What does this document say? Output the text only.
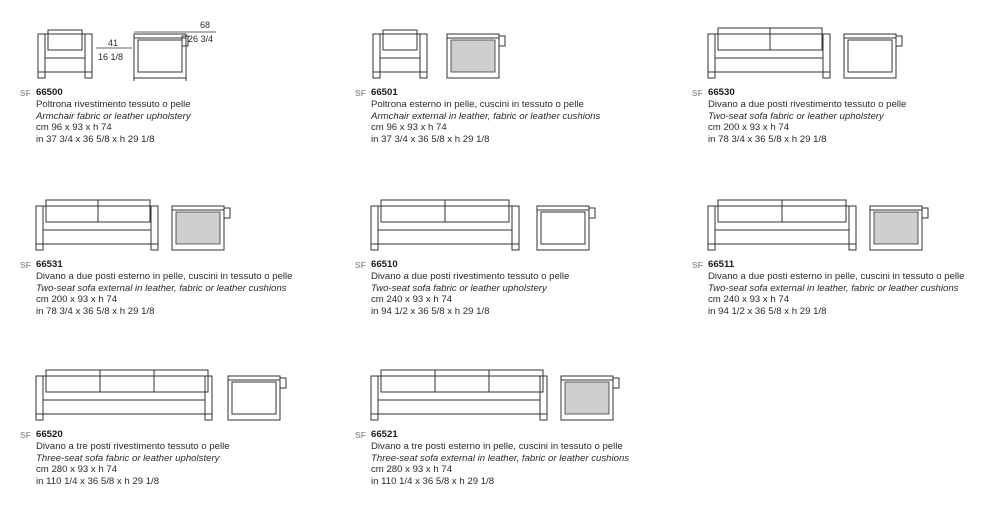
68
26 3/4
41
16 1/8
SF 66500
Poltrona rivestimento tessuto o pelle
Armchair fabric or leather upholstery
cm 96 x 93 x h 74
in 37 3/4 x 36 5/8 x h 29 1/8
SF 66501
Poltrona esterno in pelle, cuscini in tessuto o pelle
Armchair external in leather, fabric or leather cushions
cm 96 x 93 x h 74
in 37 3/4 x 36 5/8 x h 29 1/8
SF 66530
Divano a due posti rivestimento tessuto o pelle
Two-seat sofa fabric or leather upholstery
cm 200 x 93 x h 74
in 78 3/4 x 36 5/8 x h 29 1/8
SF 66531
Divano a due posti esterno in pelle, cuscini in tessuto o pelle
Two-seat sofa external in leather, fabric or leather cushions
cm 200 x 93 x h 74
in 78 3/4 x 36 5/8 x h 29 1/8
SF 66510
Divano a due posti rivestimento tessuto o pelle
Two-seat sofa fabric or leather upholstery
cm 240 x 93 x h 74
in 94 1/2 x 36 5/8 x h 29 1/8
SF 66511
Divano a due posti esterno in pelle, cuscini in tessuto o pelle
Two-seat sofa external in leather, fabric or leather cushions
cm 240 x 93 x h 74
in 94 1/2 x 36 5/8 x h 29 1/8
SF 66520
Divano a tre posti rivestimento tessuto o pelle
Three-seat sofa fabric or leather upholstery
cm 280 x 93 x h 74
in 110 1/4 x 36 5/8 x h 29 1/8
SF 66521
Divano a tre posti esterno in pelle, cuscini in tessuto o pelle
Three-seat sofa external in leather, fabric or leather cushions
cm 280 x 93 x h 74
in 110 1/4 x 36 5/8 x h 29 1/8
